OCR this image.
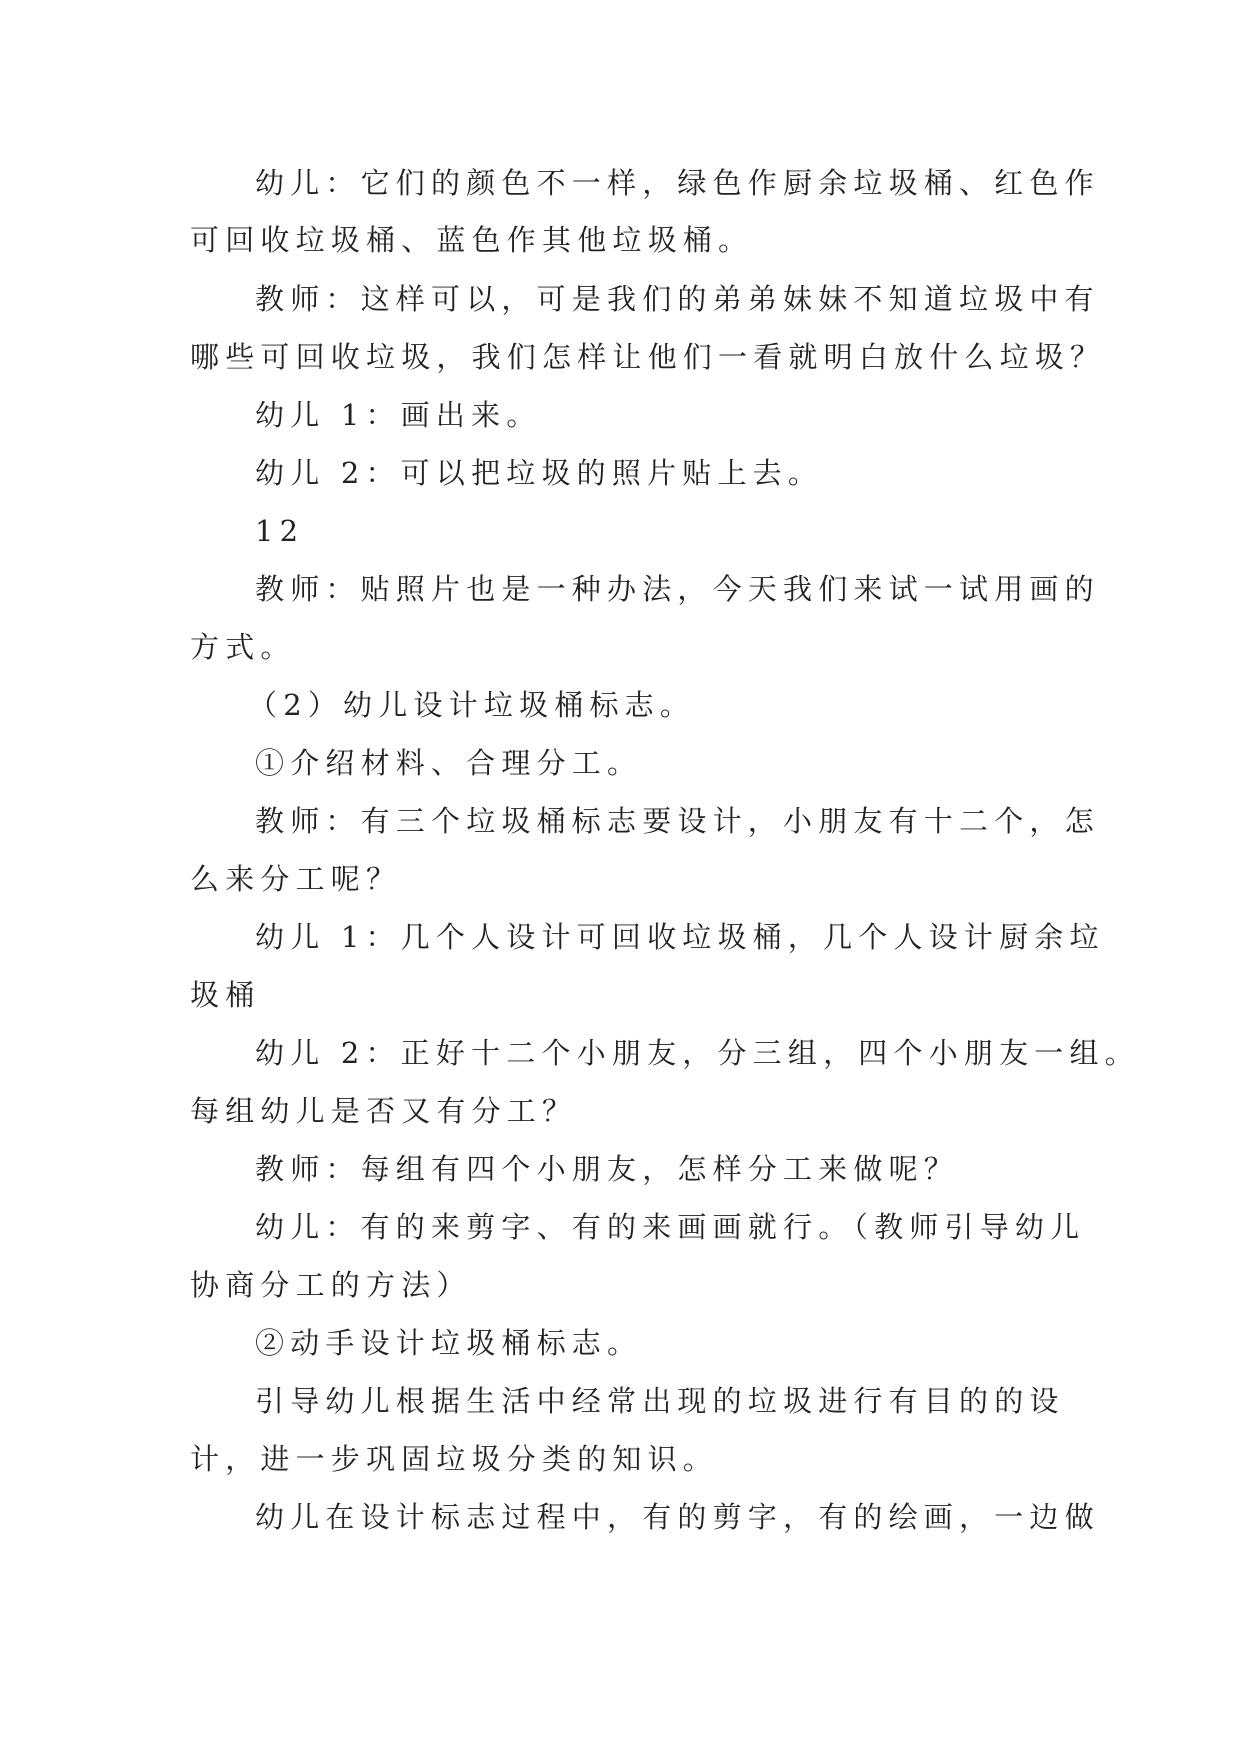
幼儿：它们的颜色不一样，绿色作厨余垃圾桶、红色作
可回收垃圾桶、蓝色作其他垃圾桶。
教师：这样可以，可是我们的弟弟妹妹不知道垃圾中有
哪些可回收垃圾，我们怎样让他们一看就明白放什么垃圾？
幼儿 1：画出来。
幼儿 2：可以把垃圾的照片贴上去。
12
教师：贴照片也是一种办法，今天我们来试一试用画的
方式。
（2）幼儿设计垃圾桶标志。
①介绍材料、合理分工。
教师：有三个垃圾桶标志要设计，小朋友有十二个，怎
么来分工呢？
幼儿 1：几个人设计可回收垃圾桶，几个人设计厨余垃
圾桶
幼儿 2：正好十二个小朋友，分三组，四个小朋友一组。
每组幼儿是否又有分工？
教师：每组有四个小朋友，怎样分工来做呢？
幼儿：有的来剪字、有的来画画就行。（教师引导幼儿
协商分工的方法）
②动手设计垃圾桶标志。
引导幼儿根据生活中经常出现的垃圾进行有目的的设
计，进一步巩固垃圾分类的知识。
幼儿在设计标志过程中，有的剪字，有的绘画，一边做
